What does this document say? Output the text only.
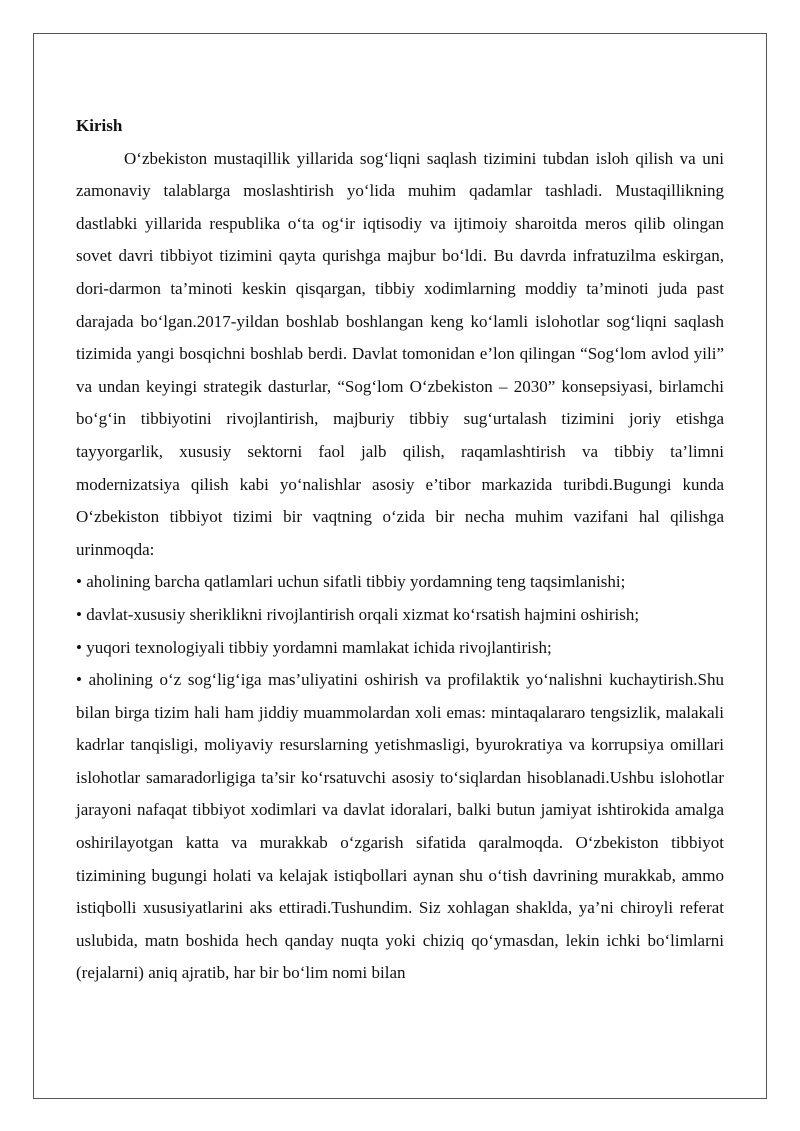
Kirish

O‘zbekiston mustaqillik yillarida sog‘liqni saqlash tizimini tubdan isloh qilish va uni zamonaviy talablarga moslashtirish yo‘lida muhim qadamlar tashladi. Mustaqillikning dastlabki yillarida respublika o‘ta og‘ir iqtisodiy va ijtimoiy sharoitda meros qilib olingan sovet davri tibbiyot tizimini qayta qurishga majbur bo‘ldi. Bu davrda infratuzilma eskirgan, dori-darmon ta’minoti keskin qisqargan, tibbiy xodimlarning moddiy ta’minoti juda past darajada bo‘lgan.2017-yildan boshlab boshlangan keng ko‘lamli islohotlar sog‘liqni saqlash tizimida yangi bosqichni boshlab berdi. Davlat tomonidan e’lon qilingan “Sog‘lom avlod yili” va undan keyingi strategik dasturlar, “Sog‘lom O‘zbekiston – 2030” konsepsiyasi, birlamchi bo‘g‘in tibbiyotini rivojlantirish, majburiy tibbiy sug‘urtalash tizimini joriy etishga tayyorgarlik, xususiy sektorni faol jalb qilish, raqamlashtirish va tibbiy ta’limni modernizatsiya qilish kabi yo‘nalishlar asosiy e’tibor markazida turibdi.Bugungi kunda O‘zbekiston tibbiyot tizimi bir vaqtning o‘zida bir necha muhim vazifani hal qilishga urinmoqda:

• aholining barcha qatlamlari uchun sifatli tibbiy yordamning teng taqsimlanishi;

• davlat-xususiy sheriklikni rivojlantirish orqali xizmat ko‘rsatish hajmini oshirish;

• yuqori texnologiyali tibbiy yordamni mamlakat ichida rivojlantirish;

• aholining o‘z sog‘lig‘iga mas’uliyatini oshirish va profilaktik yo‘nalishni kuchaytirish.Shu bilan birga tizim hali ham jiddiy muammolardan xoli emas: mintaqalararo tengsizlik, malakali kadrlar tanqisligi, moliyaviy resurslarning yetishmasligi, byurokratiya va korrupsiya omillari islohotlar samaradorligiga ta’sir ko‘rsatuvchi asosiy to‘siqlardan hisoblanadi.Ushbu islohotlar jarayoni nafaqat tibbiyot xodimlari va davlat idoralari, balki butun jamiyat ishtirokida amalga oshirilayotgan katta va murakkab o‘zgarish sifatida qaralmoqda. O‘zbekiston tibbiyot tizimining bugungi holati va kelajak istiqbollari aynan shu o‘tish davrining murakkab, ammo istiqbolli xususiyatlarini aks ettiradi.Tushundim. Siz xohlagan shaklda, ya’ni chiroyli referat uslubida, matn boshida hech qanday nuqta yoki chiziq qo‘ymasdan, lekin ichki bo‘limlarni (rejalarni) aniq ajratib, har bir bo‘lim nomi bilan
